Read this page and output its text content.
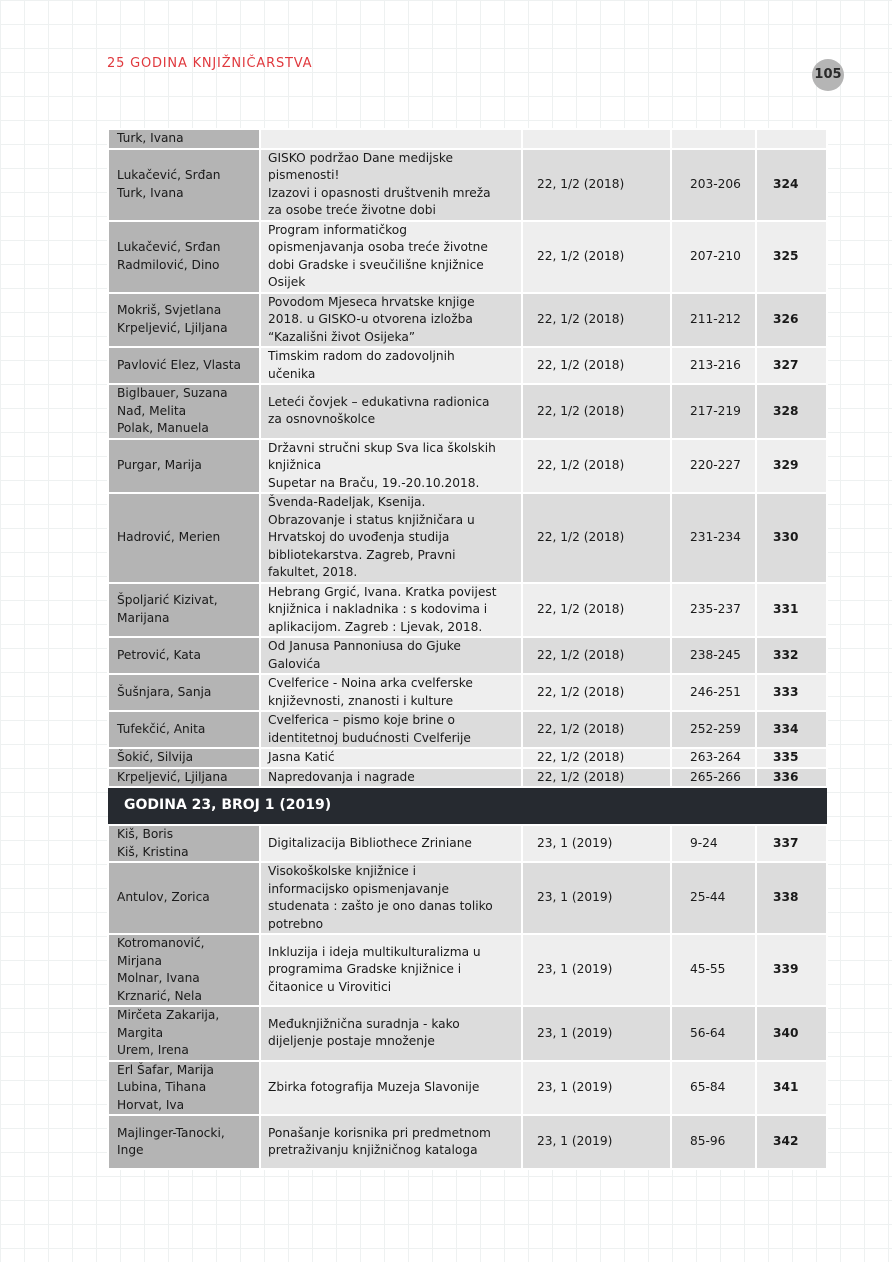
25 GODINA KNJIŽNIČARSTVA
105
Turk, Ivana				

Lukačević, Srđan
Turk, Ivana	GISKO podržao Dane medijske
pismenosti!
Izazovi i opasnosti društvenih mreža
za osobe treće životne dobi	22, 1/2 (2018)	203-206	324

Lukačević, Srđan
Radmilović, Dino	Program informatičkog
opismenjavanja osoba treće životne
dobi Gradske i sveučilišne knjižnice
Osijek	22, 1/2 (2018)	207-210	325

Mokriš, Svjetlana
Krpeljević, Ljiljana	Povodom Mjeseca hrvatske knjige
2018. u GISKO-u otvorena izložba
“Kazališni život Osijeka”	22, 1/2 (2018)	211-212	326

Pavlović Elez, Vlasta	Timskim radom do zadovoljnih
učenika	22, 1/2 (2018)	213-216	327

Biglbauer, Suzana
Nađ, Melita
Polak, Manuela	Leteći čovjek – edukativna radionica
za osnovnoškolce	22, 1/2 (2018)	217-219	328

Purgar, Marija	Državni stručni skup Sva lica školskih
knjižnica
Supetar na Braču, 19.-20.10.2018.	22, 1/2 (2018)	220-227	329

Hadrović, Merien	Švenda-Radeljak, Ksenija.
Obrazovanje i status knjižničara u
Hrvatskoj do uvođenja studija
bibliotekarstva. Zagreb, Pravni
fakultet, 2018.	22, 1/2 (2018)	231-234	330

Špoljarić Kizivat,
Marijana	Hebrang Grgić, Ivana. Kratka povijest
knjižnica i nakladnika : s kodovima i
aplikacijom. Zagreb : Ljevak, 2018.	22, 1/2 (2018)	235-237	331

Petrović, Kata	Od Janusa Pannoniusa do Gjuke
Galovića	22, 1/2 (2018)	238-245	332

Šušnjara, Sanja	Cvelferice - Noina arka cvelferske
književnosti, znanosti i kulture	22, 1/2 (2018)	246-251	333

Tufekčić, Anita	Cvelferica – pismo koje brine o
identitetnoj budućnosti Cvelferije	22, 1/2 (2018)	252-259	334

Šokić, Silvija	Jasna Katić	22, 1/2 (2018)	263-264	335

Krpeljević, Ljiljana	Napredovanja i nagrade	22, 1/2 (2018)	265-266	336
GODINA 23, BROJ 1 (2019)				

Kiš, Boris
Kiš, Kristina	Digitalizacija Bibliothece Zriniane	23, 1 (2019)	9-24	337

Antulov, Zorica	Visokoškolske knjižnice i
informacijsko opismenjavanje
studenata : zašto je ono danas toliko
potrebno	23, 1 (2019)	25-44	338

Kotromanović,
Mirjana
Molnar, Ivana
Krznarić, Nela	Inkluzija i ideja multikulturalizma u
programima Gradske knjižnice i
čitaonice u Virovitici	23, 1 (2019)	45-55	339

Mirčeta Zakarija,
Margita
Urem, Irena	Međuknjižnična suradnja - kako
dijeljenje postaje množenje	23, 1 (2019)	56-64	340

Erl Šafar, Marija
Lubina, Tihana
Horvat, Iva	Zbirka fotografija Muzeja Slavonije	23, 1 (2019)	65-84	341

Majlinger-Tanocki,
Inge	Ponašanje korisnika pri predmetnom
pretraživanju knjižničnog kataloga	23, 1 (2019)	85-96	342
